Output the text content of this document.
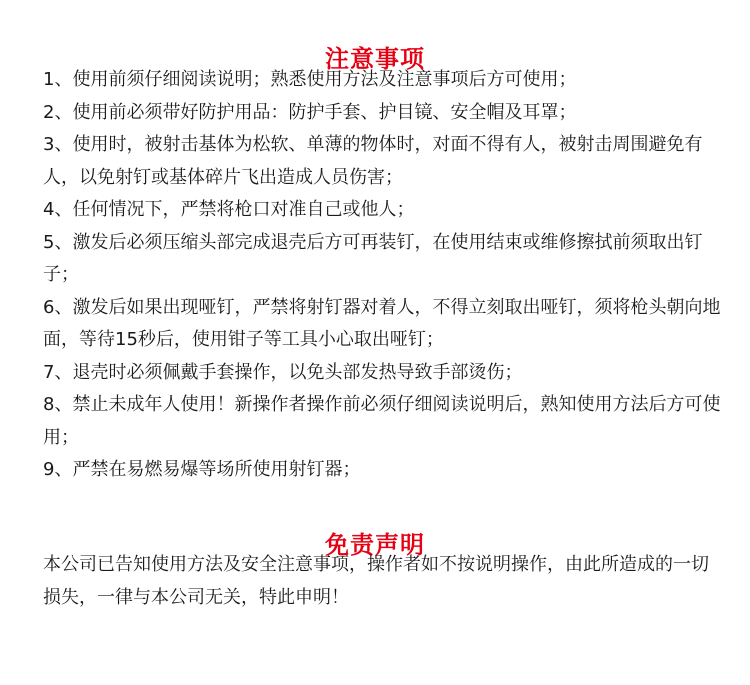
注意事项
1、使用前须仔细阅读说明；熟悉使用方法及注意事项后方可使用；
2、使用前必须带好防护用品：防护手套、护目镜、安全帽及耳罩；
3、使用时，被射击基体为松软、单薄的物体时，对面不得有人，被射击周围避免有人，以免射钉或基体碎片飞出造成人员伤害；
4、任何情况下，严禁将枪口对准自己或他人；
5、激发后必须压缩头部完成退壳后方可再装钉，在使用结束或维修擦拭前须取出钉子；
6、激发后如果出现哑钉，严禁将射钉器对着人，不得立刻取出哑钉，须将枪头朝向地面，等待15秒后，使用钳子等工具小心取出哑钉；
7、退壳时必须佩戴手套操作，以免头部发热导致手部烫伤；
8、禁止未成年人使用！新操作者操作前必须仔细阅读说明后，熟知使用方法后方可使用；
9、严禁在易燃易爆等场所使用射钉器；
免责声明

本公司已告知使用方法及安全注意事项，操作者如不按说明操作，由此所造成的一切损失，一律与本公司无关，特此申明！
